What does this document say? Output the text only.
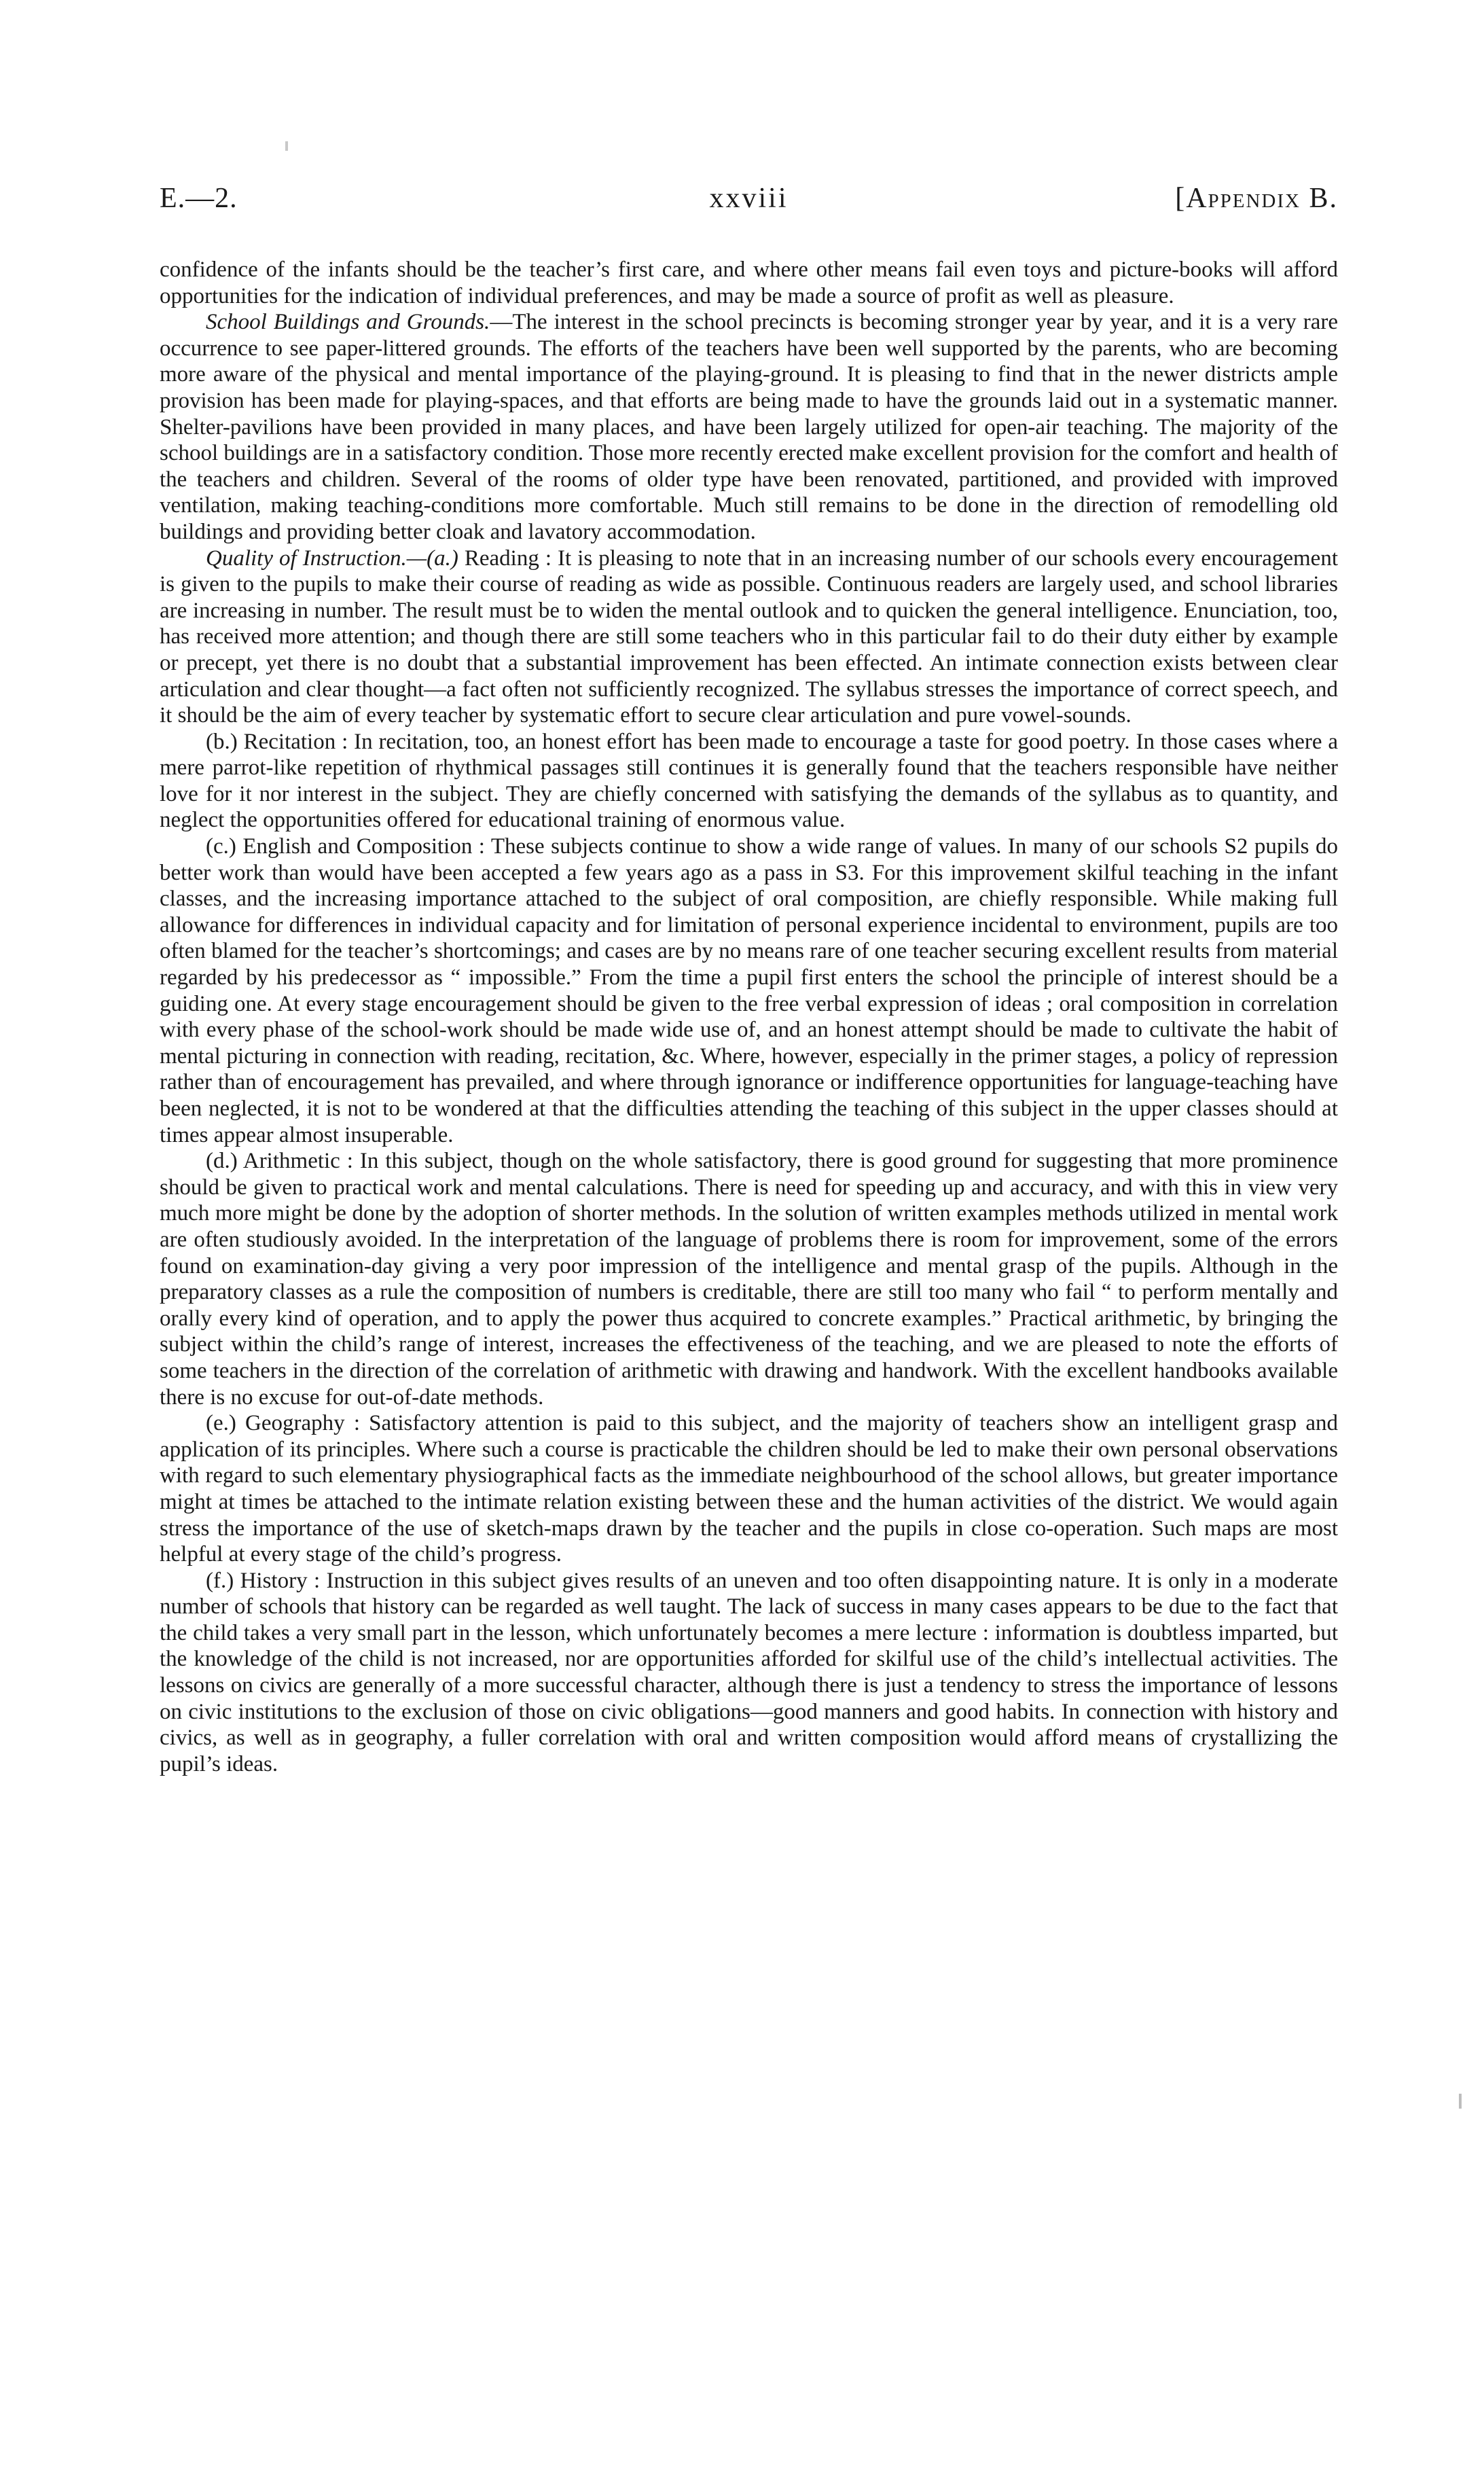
E.—2.	xxviii	[Appendix B.

confidence of the infants should be the teacher’s first care, and where other means fail even toys and picture-books will afford opportunities for the indication of individual preferences, and may be made a source of profit as well as pleasure.

School Buildings and Grounds.—The interest in the school precincts is becoming stronger year by year, and it is a very rare occurrence to see paper-littered grounds. The efforts of the teachers have been well supported by the parents, who are becoming more aware of the physical and mental importance of the playing-ground. It is pleasing to find that in the newer districts ample provision has been made for playing-spaces, and that efforts are being made to have the grounds laid out in a systematic manner. Shelter-pavilions have been provided in many places, and have been largely utilized for open-air teaching. The majority of the school buildings are in a satisfactory condition. Those more recently erected make excellent provision for the comfort and health of the teachers and children. Several of the rooms of older type have been renovated, partitioned, and provided with improved ventilation, making teaching-conditions more comfortable. Much still remains to be done in the direction of remodelling old buildings and providing better cloak and lavatory accommodation.

Quality of Instruction.—(a.) Reading : It is pleasing to note that in an increasing number of our schools every encouragement is given to the pupils to make their course of reading as wide as possible. Continuous readers are largely used, and school libraries are increasing in number. The result must be to widen the mental outlook and to quicken the general intelligence. Enunciation, too, has received more attention; and though there are still some teachers who in this particular fail to do their duty either by example or precept, yet there is no doubt that a substantial improvement has been effected. An intimate connection exists between clear articulation and clear thought—a fact often not sufficiently recognized. The syllabus stresses the importance of correct speech, and it should be the aim of every teacher by systematic effort to secure clear articulation and pure vowel-sounds.

(b.) Recitation : In recitation, too, an honest effort has been made to encourage a taste for good poetry. In those cases where a mere parrot-like repetition of rhythmical passages still continues it is generally found that the teachers responsible have neither love for it nor interest in the subject. They are chiefly concerned with satisfying the demands of the syllabus as to quantity, and neglect the opportunities offered for educational training of enormous value.

(c.) English and Composition : These subjects continue to show a wide range of values. In many of our schools S2 pupils do better work than would have been accepted a few years ago as a pass in S3. For this improvement skilful teaching in the infant classes, and the increasing importance attached to the subject of oral composition, are chiefly responsible. While making full allowance for differences in individual capacity and for limitation of personal experience incidental to environment, pupils are too often blamed for the teacher’s shortcomings; and cases are by no means rare of one teacher securing excellent results from material regarded by his predecessor as “ impossible.” From the time a pupil first enters the school the principle of interest should be a guiding one. At every stage encouragement should be given to the free verbal expression of ideas ; oral composition in correlation with every phase of the school-work should be made wide use of, and an honest attempt should be made to cultivate the habit of mental picturing in connection with reading, recitation, &c. Where, however, especially in the primer stages, a policy of repression rather than of encouragement has prevailed, and where through ignorance or indifference opportunities for language-teaching have been neglected, it is not to be wondered at that the difficulties attending the teaching of this subject in the upper classes should at times appear almost insuperable.

(d.) Arithmetic : In this subject, though on the whole satisfactory, there is good ground for suggesting that more prominence should be given to practical work and mental calculations. There is need for speeding up and accuracy, and with this in view very much more might be done by the adoption of shorter methods. In the solution of written examples methods utilized in mental work are often studiously avoided. In the interpretation of the language of problems there is room for improvement, some of the errors found on examination-day giving a very poor impression of the intelligence and mental grasp of the pupils. Although in the preparatory classes as a rule the composition of numbers is creditable, there are still too many who fail “ to perform mentally and orally every kind of operation, and to apply the power thus acquired to concrete examples.” Practical arithmetic, by bringing the subject within the child’s range of interest, increases the effectiveness of the teaching, and we are pleased to note the efforts of some teachers in the direction of the correlation of arithmetic with drawing and handwork. With the excellent handbooks available there is no excuse for out-of-date methods.

(e.) Geography : Satisfactory attention is paid to this subject, and the majority of teachers show an intelligent grasp and application of its principles. Where such a course is practicable the children should be led to make their own personal observations with regard to such elementary physiographical facts as the immediate neighbourhood of the school allows, but greater importance might at times be attached to the intimate relation existing between these and the human activities of the district. We would again stress the importance of the use of sketch-maps drawn by the teacher and the pupils in close co-operation. Such maps are most helpful at every stage of the child’s progress.

(f.) History : Instruction in this subject gives results of an uneven and too often disappointing nature. It is only in a moderate number of schools that history can be regarded as well taught. The lack of success in many cases appears to be due to the fact that the child takes a very small part in the lesson, which unfortunately becomes a mere lecture : information is doubtless imparted, but the knowledge of the child is not increased, nor are opportunities afforded for skilful use of the child’s intellectual activities. The lessons on civics are generally of a more successful character, although there is just a tendency to stress the importance of lessons on civic institutions to the exclusion of those on civic obligations—good manners and good habits. In connection with history and civics, as well as in geography, a fuller correlation with oral and written composition would afford means of crystallizing the pupil’s ideas.
